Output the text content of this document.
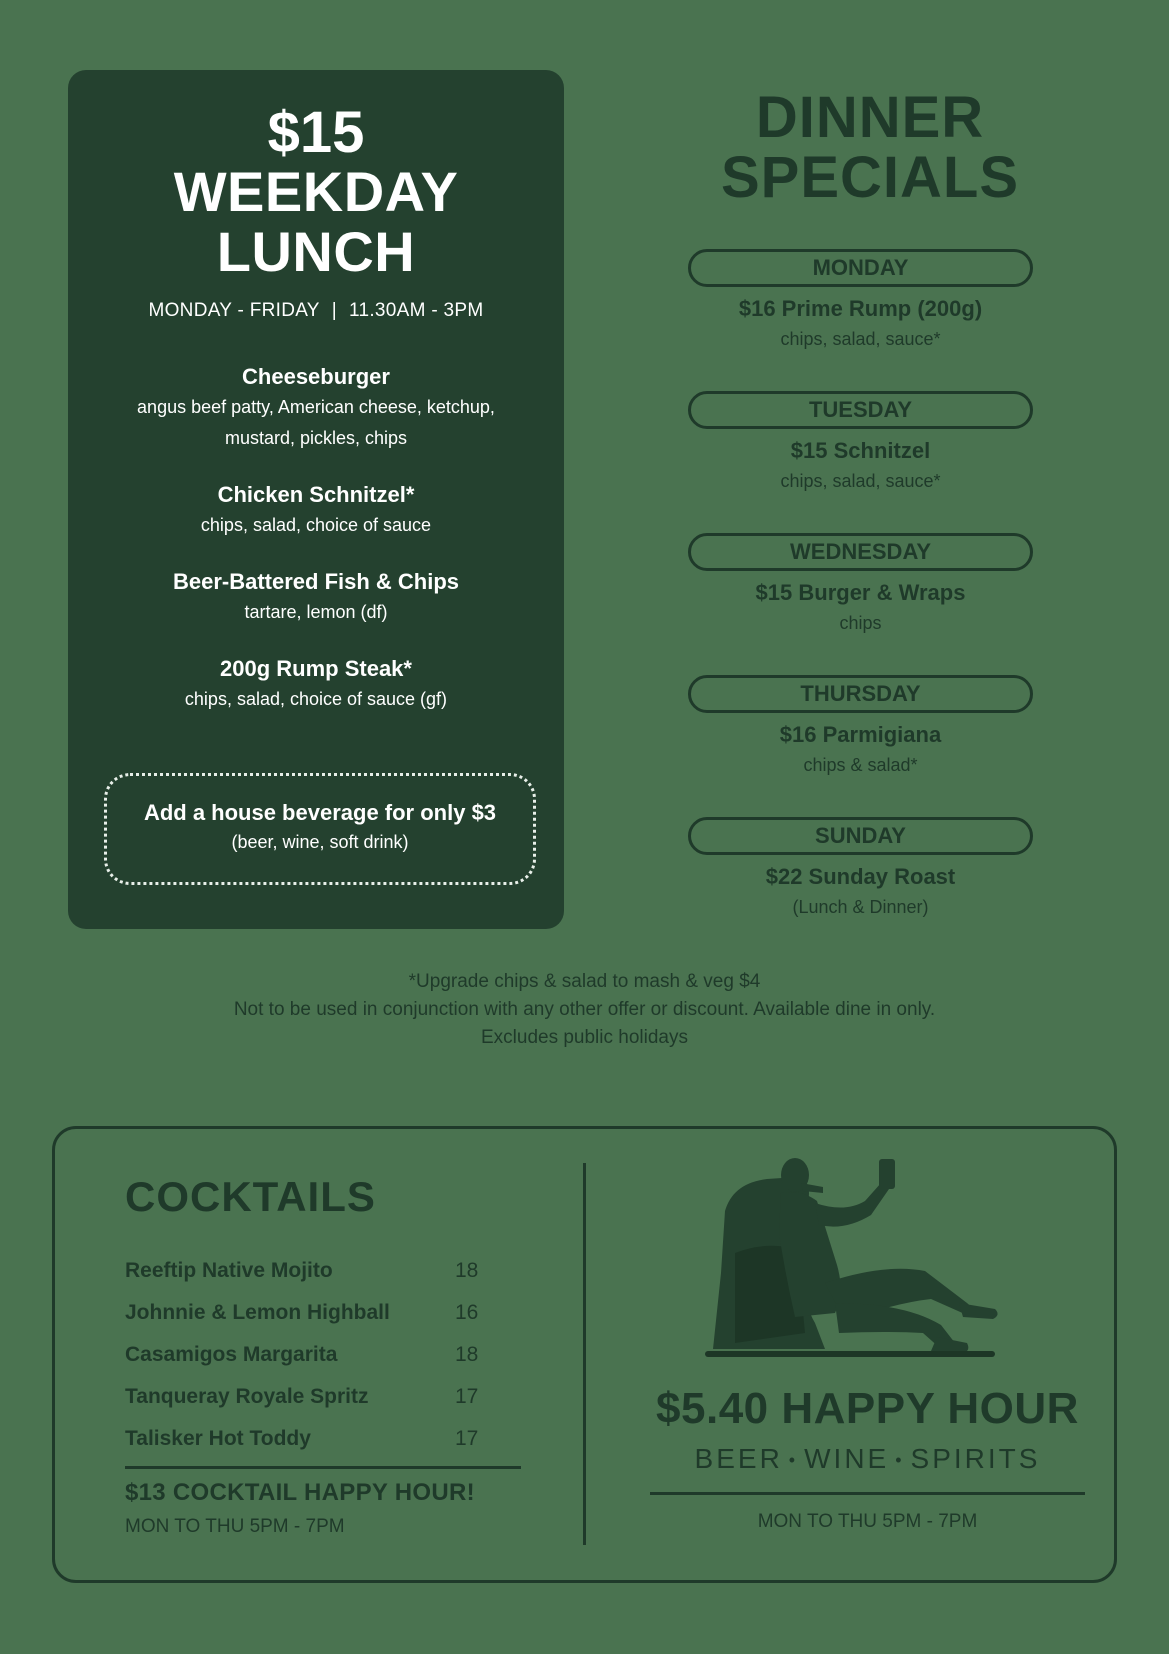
$15
WEEKDAY
LUNCH
MONDAY - FRIDAY | 11.30AM - 3PM
Cheeseburger
angus beef patty, American cheese, ketchup, mustard, pickles, chips
Chicken Schnitzel*
chips, salad, choice of sauce
Beer-Battered Fish & Chips
tartare, lemon (df)
200g Rump Steak*
chips, salad, choice of sauce (gf)
Add a house beverage for only $3
(beer, wine, soft drink)
DINNER
SPECIALS
MONDAY
$16 Prime Rump (200g)
chips, salad, sauce*
TUESDAY
$15 Schnitzel
chips, salad, sauce*
WEDNESDAY
$15 Burger & Wraps
chips
THURSDAY
$16 Parmigiana
chips & salad*
SUNDAY
$22 Sunday Roast
(Lunch & Dinner)
*Upgrade chips & salad to mash & veg $4
Not to be used in conjunction with any other offer or discount. Available dine in only.
Excludes public holidays
COCKTAILS
Reeftip Native Mojito	18
Johnnie & Lemon Highball	16
Casamigos Margarita	18
Tanqueray Royale Spritz	17
Talisker Hot Toddy	17
$13 COCKTAIL HAPPY HOUR!
MON TO THU 5PM - 7PM
$5.40 HAPPY HOUR
BEER • WINE • SPIRITS
MON TO THU 5PM - 7PM
